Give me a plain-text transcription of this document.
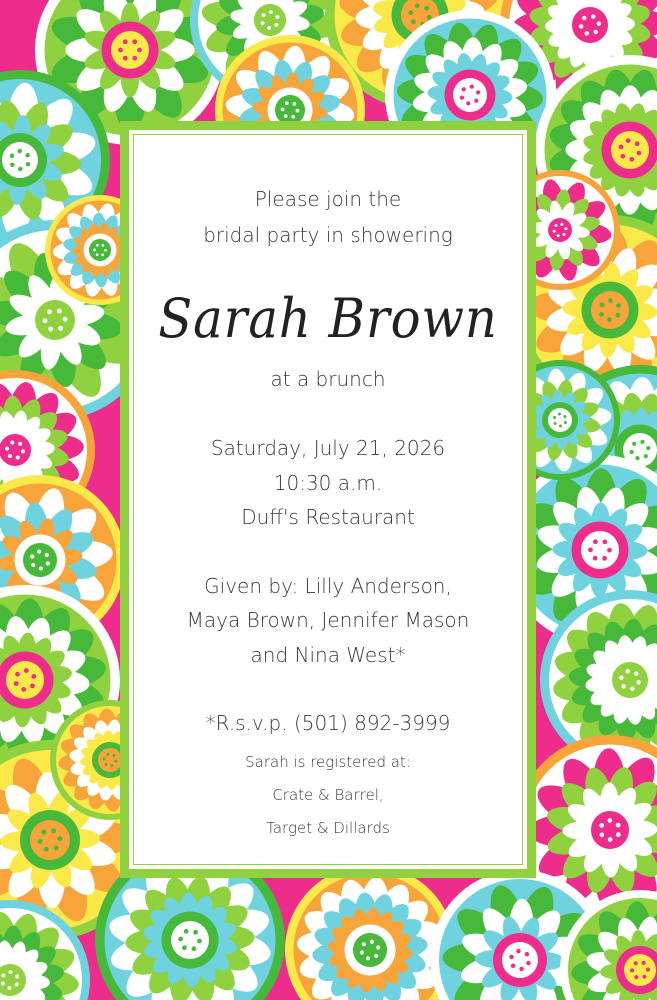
Please join the
bridal party in showering
Sarah Brown
at a brunch
Saturday, July 21, 2026
10:30 a.m.
Duff's Restaurant
Given by: Lilly Anderson,
Maya Brown, Jennifer Mason
and Nina West*
*R.s.v.p. (501) 892-3999
Sarah is registered at:
Crate & Barrel,
Target & Dillards
